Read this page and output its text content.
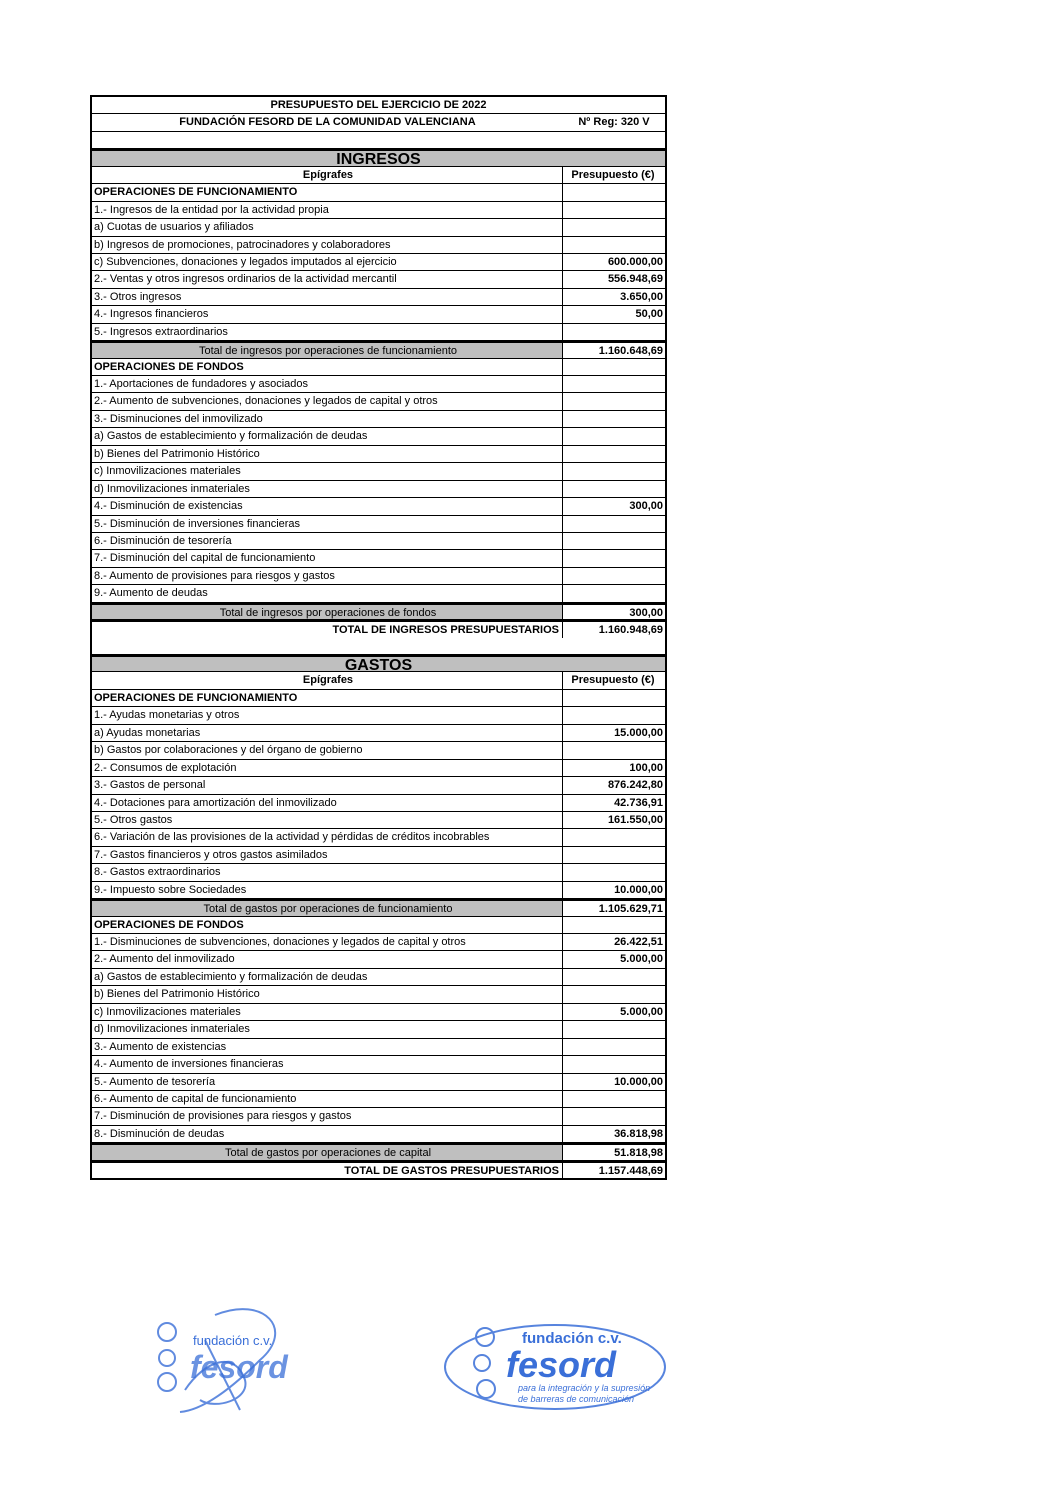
PRESUPUESTO DEL EJERCICIO DE 2022
FUNDACIÓN FESORD DE LA COMUNIDAD VALENCIANA	Nº Reg: 320 V
INGRESOS
Epígrafes	Presupuesto (€)
OPERACIONES DE FUNCIONAMIENTO
1.- Ingresos de la entidad por la actividad propia
a) Cuotas de usuarios y afiliados
b) Ingresos de promociones, patrocinadores y colaboradores
c) Subvenciones, donaciones y legados imputados al ejercicio	600.000,00
2.- Ventas y otros ingresos ordinarios de la actividad mercantil	556.948,69
3.- Otros ingresos	3.650,00
4.- Ingresos financieros	50,00
5.- Ingresos extraordinarios
Total de ingresos por operaciones de funcionamiento	1.160.648,69
OPERACIONES DE FONDOS
1.- Aportaciones de fundadores y asociados
2.- Aumento de subvenciones, donaciones y legados de capital y otros
3.- Disminuciones del inmovilizado
a) Gastos de establecimiento y formalización de deudas
b) Bienes del Patrimonio Histórico
c) Inmovilizaciones materiales
d) Inmovilizaciones inmateriales
4.- Disminución de existencias	300,00
5.- Disminución de inversiones financieras
6.- Disminución de tesorería
7.- Disminución del capital de funcionamiento
8.- Aumento de provisiones para riesgos y gastos
9.- Aumento de deudas
Total de ingresos por operaciones de fondos	300,00
TOTAL DE INGRESOS PRESUPUESTARIOS	1.160.948,69
GASTOS
Epígrafes	Presupuesto (€)
OPERACIONES DE FUNCIONAMIENTO
1.- Ayudas monetarias y otros
a) Ayudas monetarias	15.000,00
b) Gastos por colaboraciones y del órgano de gobierno
2.- Consumos de explotación	100,00
3.- Gastos de personal	876.242,80
4.- Dotaciones para amortización del inmovilizado	42.736,91
5.- Otros gastos	161.550,00
6.- Variación de las provisiones de la actividad y pérdidas de créditos incobrables
7.- Gastos financieros y otros gastos asimilados
8.- Gastos extraordinarios
9.- Impuesto sobre Sociedades	10.000,00
Total de gastos por operaciones de funcionamiento	1.105.629,71
OPERACIONES DE FONDOS
1.- Disminuciones de subvenciones, donaciones y legados de capital y otros	26.422,51
2.- Aumento del inmovilizado	5.000,00
a) Gastos de establecimiento y formalización de deudas
b) Bienes del Patrimonio Histórico
c) Inmovilizaciones materiales	5.000,00
d) Inmovilizaciones inmateriales
3.- Aumento de existencias
4.- Aumento de inversiones financieras
5.- Aumento de tesorería	10.000,00
6.- Aumento de capital de funcionamiento
7.- Disminución de provisiones para riesgos y gastos
8.- Disminución de deudas	36.818,98
Total de gastos por operaciones de capital	51.818,98
TOTAL DE GASTOS PRESUPUESTARIOS	1.157.448,69
fundación c.v.
fesord
fundación c.v.
fesord
para la integración y la supresión
de barreras de comunicación
